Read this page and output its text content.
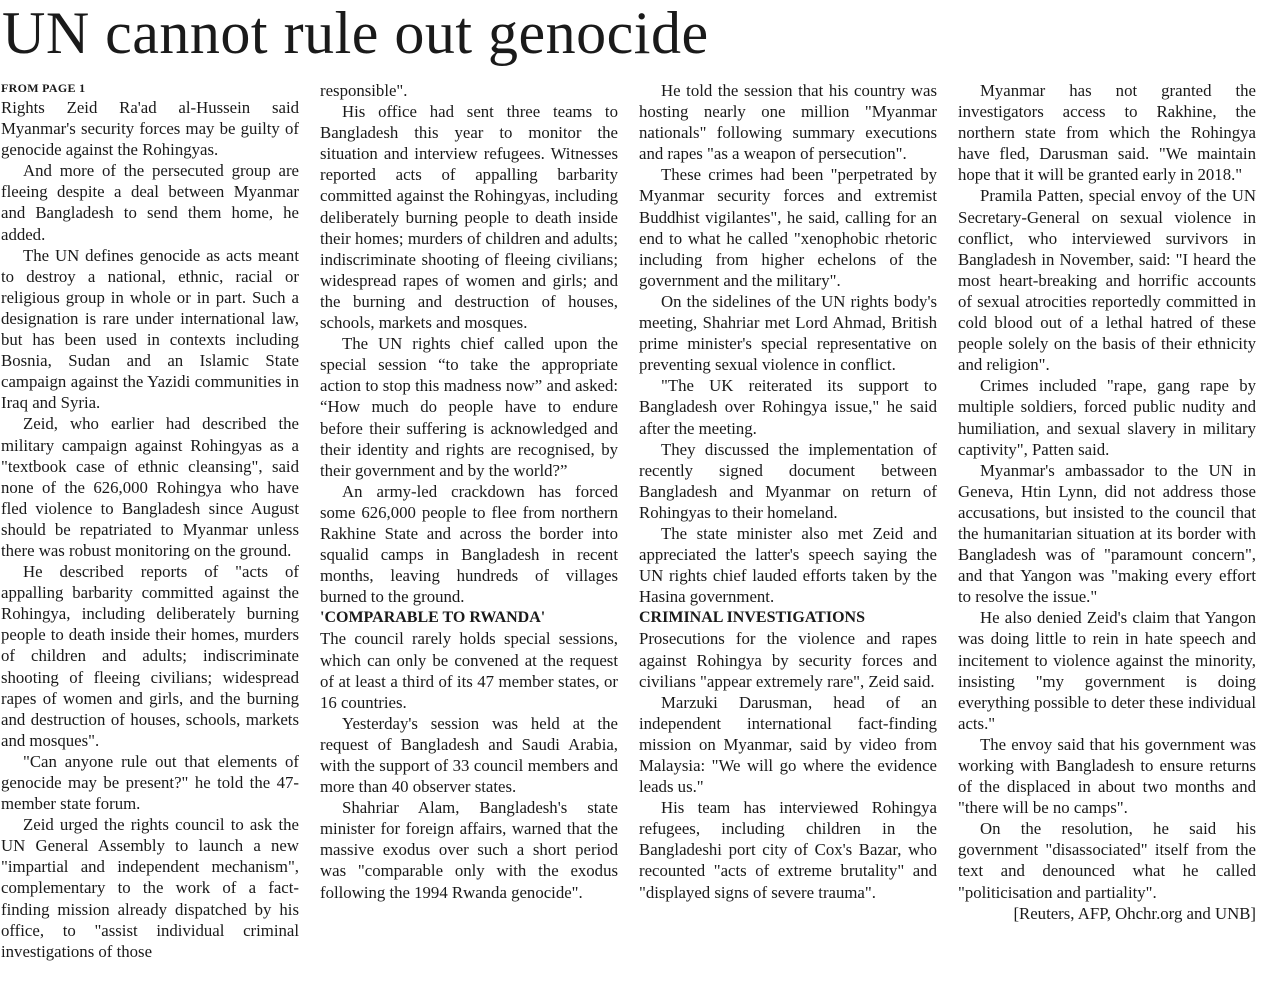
UN cannot rule out genocide
FROM PAGE 1

Rights Zeid Ra'ad al-Hussein said Myanmar's security forces may be guilty of genocide against the Rohingyas.

And more of the persecuted group are fleeing despite a deal between Myanmar and Bangladesh to send them home, he added.

The UN defines genocide as acts meant to destroy a national, ethnic, racial or religious group in whole or in part. Such a designation is rare under international law, but has been used in contexts including Bosnia, Sudan and an Islamic State campaign against the Yazidi communities in Iraq and Syria.

Zeid, who earlier had described the military campaign against Rohingyas as a "textbook case of ethnic cleansing", said none of the 626,000 Rohingya who have fled violence to Bangladesh since August should be repatriated to Myanmar unless there was robust monitoring on the ground.

He described reports of "acts of appalling barbarity committed against the Rohingya, including deliberately burning people to death inside their homes, murders of children and adults; indiscriminate shooting of fleeing civilians; widespread rapes of women and girls, and the burning and destruction of houses, schools, markets and mosques".

"Can anyone rule out that elements of genocide may be present?" he told the 47-member state forum.

Zeid urged the rights council to ask the UN General Assembly to launch a new "impartial and independent mechanism", complementary to the work of a fact-finding mission already dispatched by his office, to "assist individual criminal investigations of those

responsible".

His office had sent three teams to Bangladesh this year to monitor the situation and interview refugees. Witnesses reported acts of appalling barbarity committed against the Rohingyas, including deliberately burning people to death inside their homes; murders of children and adults; indiscriminate shooting of fleeing civilians; widespread rapes of women and girls; and the burning and destruction of houses, schools, markets and mosques.

The UN rights chief called upon the special session “to take the appropriate action to stop this madness now” and asked: “How much do people have to endure before their suffering is acknowledged and their identity and rights are recognised, by their government and by the world?”

An army-led crackdown has forced some 626,000 people to flee from northern Rakhine State and across the border into squalid camps in Bangladesh in recent months, leaving hundreds of villages burned to the ground.

'COMPARABLE TO RWANDA'

The council rarely holds special sessions, which can only be convened at the request of at least a third of its 47 member states, or 16 countries.

Yesterday's session was held at the request of Bangladesh and Saudi Arabia, with the support of 33 council members and more than 40 observer states.

Shahriar Alam, Bangladesh's state minister for foreign affairs, warned that the massive exodus over such a short period was "comparable only with the exodus following the 1994 Rwanda genocide".

He told the session that his country was hosting nearly one million "Myanmar nationals" following summary executions and rapes "as a weapon of persecution".

These crimes had been "perpetrated by Myanmar security forces and extremist Buddhist vigilantes", he said, calling for an end to what he called "xenophobic rhetoric including from higher echelons of the government and the military".

On the sidelines of the UN rights body's meeting, Shahriar met Lord Ahmad, British prime minister's special representative on preventing sexual violence in conflict.

"The UK reiterated its support to Bangladesh over Rohingya issue," he said after the meeting.

They discussed the implementation of recently signed document between Bangladesh and Myanmar on return of Rohingyas to their homeland.

The state minister also met Zeid and appreciated the latter's speech saying the UN rights chief lauded efforts taken by the Hasina government.

CRIMINAL INVESTIGATIONS

Prosecutions for the violence and rapes against Rohingya by security forces and civilians "appear extremely rare", Zeid said.

Marzuki Darusman, head of an independent international fact-finding mission on Myanmar, said by video from Malaysia: "We will go where the evidence leads us."

His team has interviewed Rohingya refugees, including children in the Bangladeshi port city of Cox's Bazar, who recounted "acts of extreme brutality" and "displayed signs of severe trauma".

Myanmar has not granted the investigators access to Rakhine, the northern state from which the Rohingya have fled, Darusman said. "We maintain hope that it will be granted early in 2018."

Pramila Patten, special envoy of the UN Secretary-General on sexual violence in conflict, who interviewed survivors in Bangladesh in November, said: "I heard the most heart-breaking and horrific accounts of sexual atrocities reportedly committed in cold blood out of a lethal hatred of these people solely on the basis of their ethnicity and religion".

Crimes included "rape, gang rape by multiple soldiers, forced public nudity and humiliation, and sexual slavery in military captivity", Patten said.

Myanmar's ambassador to the UN in Geneva, Htin Lynn, did not address those accusations, but insisted to the council that the humanitarian situation at its border with Bangladesh was of "paramount concern", and that Yangon was "making every effort to resolve the issue."

He also denied Zeid's claim that Yangon was doing little to rein in hate speech and incitement to violence against the minority, insisting "my government is doing everything possible to deter these individual acts."

The envoy said that his government was working with Bangladesh to ensure returns of the displaced in about two months and "there will be no camps".

On the resolution, he said his government "disassociated" itself from the text and denounced what he called "politicisation and partiality".

[Reuters, AFP, Ohchr.org and UNB]
